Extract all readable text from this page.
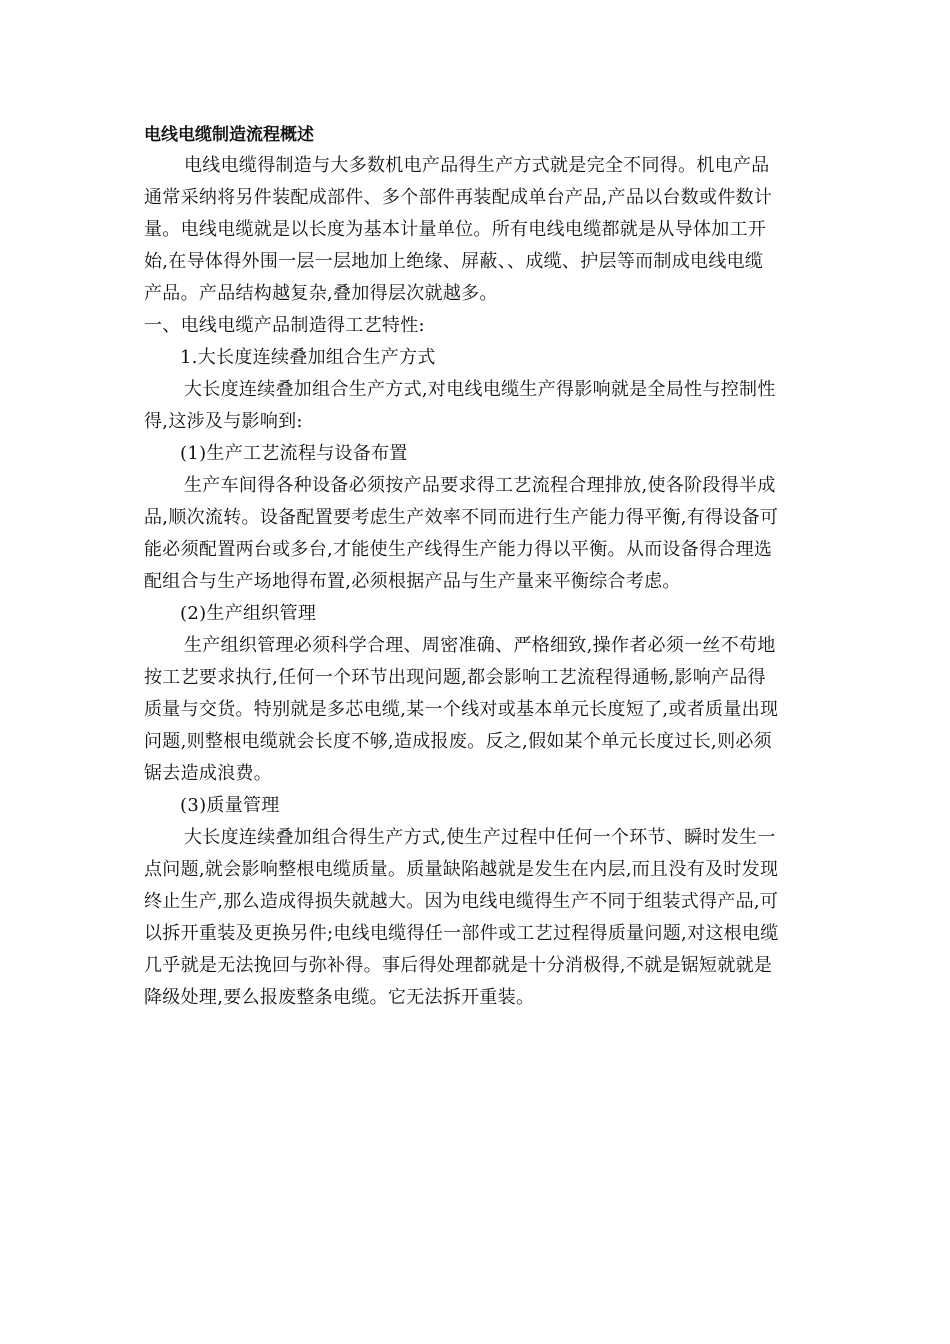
电线电缆制造流程概述
电线电缆得制造与大多数机电产品得生产方式就是完全不同得。机电产品
通常采纳将另件装配成部件、多个部件再装配成单台产品,产品以台数或件数计
量。电线电缆就是以长度为基本计量单位。所有电线电缆都就是从导体加工开
始,在导体得外围一层一层地加上绝缘、屏蔽、、成缆、护层等而制成电线电缆
产品。产品结构越复杂,叠加得层次就越多。
一、电线电缆产品制造得工艺特性:
1.大长度连续叠加组合生产方式
大长度连续叠加组合生产方式,对电线电缆生产得影响就是全局性与控制性
得,这涉及与影响到:
(1)生产工艺流程与设备布置
生产车间得各种设备必须按产品要求得工艺流程合理排放,使各阶段得半成
品,顺次流转。设备配置要考虑生产效率不同而进行生产能力得平衡,有得设备可
能必须配置两台或多台,才能使生产线得生产能力得以平衡。从而设备得合理选
配组合与生产场地得布置,必须根据产品与生产量来平衡综合考虑。
(2)生产组织管理
生产组织管理必须科学合理、周密准确、严格细致,操作者必须一丝不苟地
按工艺要求执行,任何一个环节出现问题,都会影响工艺流程得通畅,影响产品得
质量与交货。特别就是多芯电缆,某一个线对或基本单元长度短了,或者质量出现
问题,则整根电缆就会长度不够,造成报废。反之,假如某个单元长度过长,则必须
锯去造成浪费。
(3)质量管理
大长度连续叠加组合得生产方式,使生产过程中任何一个环节、瞬时发生一
点问题,就会影响整根电缆质量。质量缺陷越就是发生在内层,而且没有及时发现
终止生产,那么造成得损失就越大。因为电线电缆得生产不同于组装式得产品,可
以拆开重装及更换另件;电线电缆得任一部件或工艺过程得质量问题,对这根电缆
几乎就是无法挽回与弥补得。事后得处理都就是十分消极得,不就是锯短就就是
降级处理,要么报废整条电缆。它无法拆开重装。
